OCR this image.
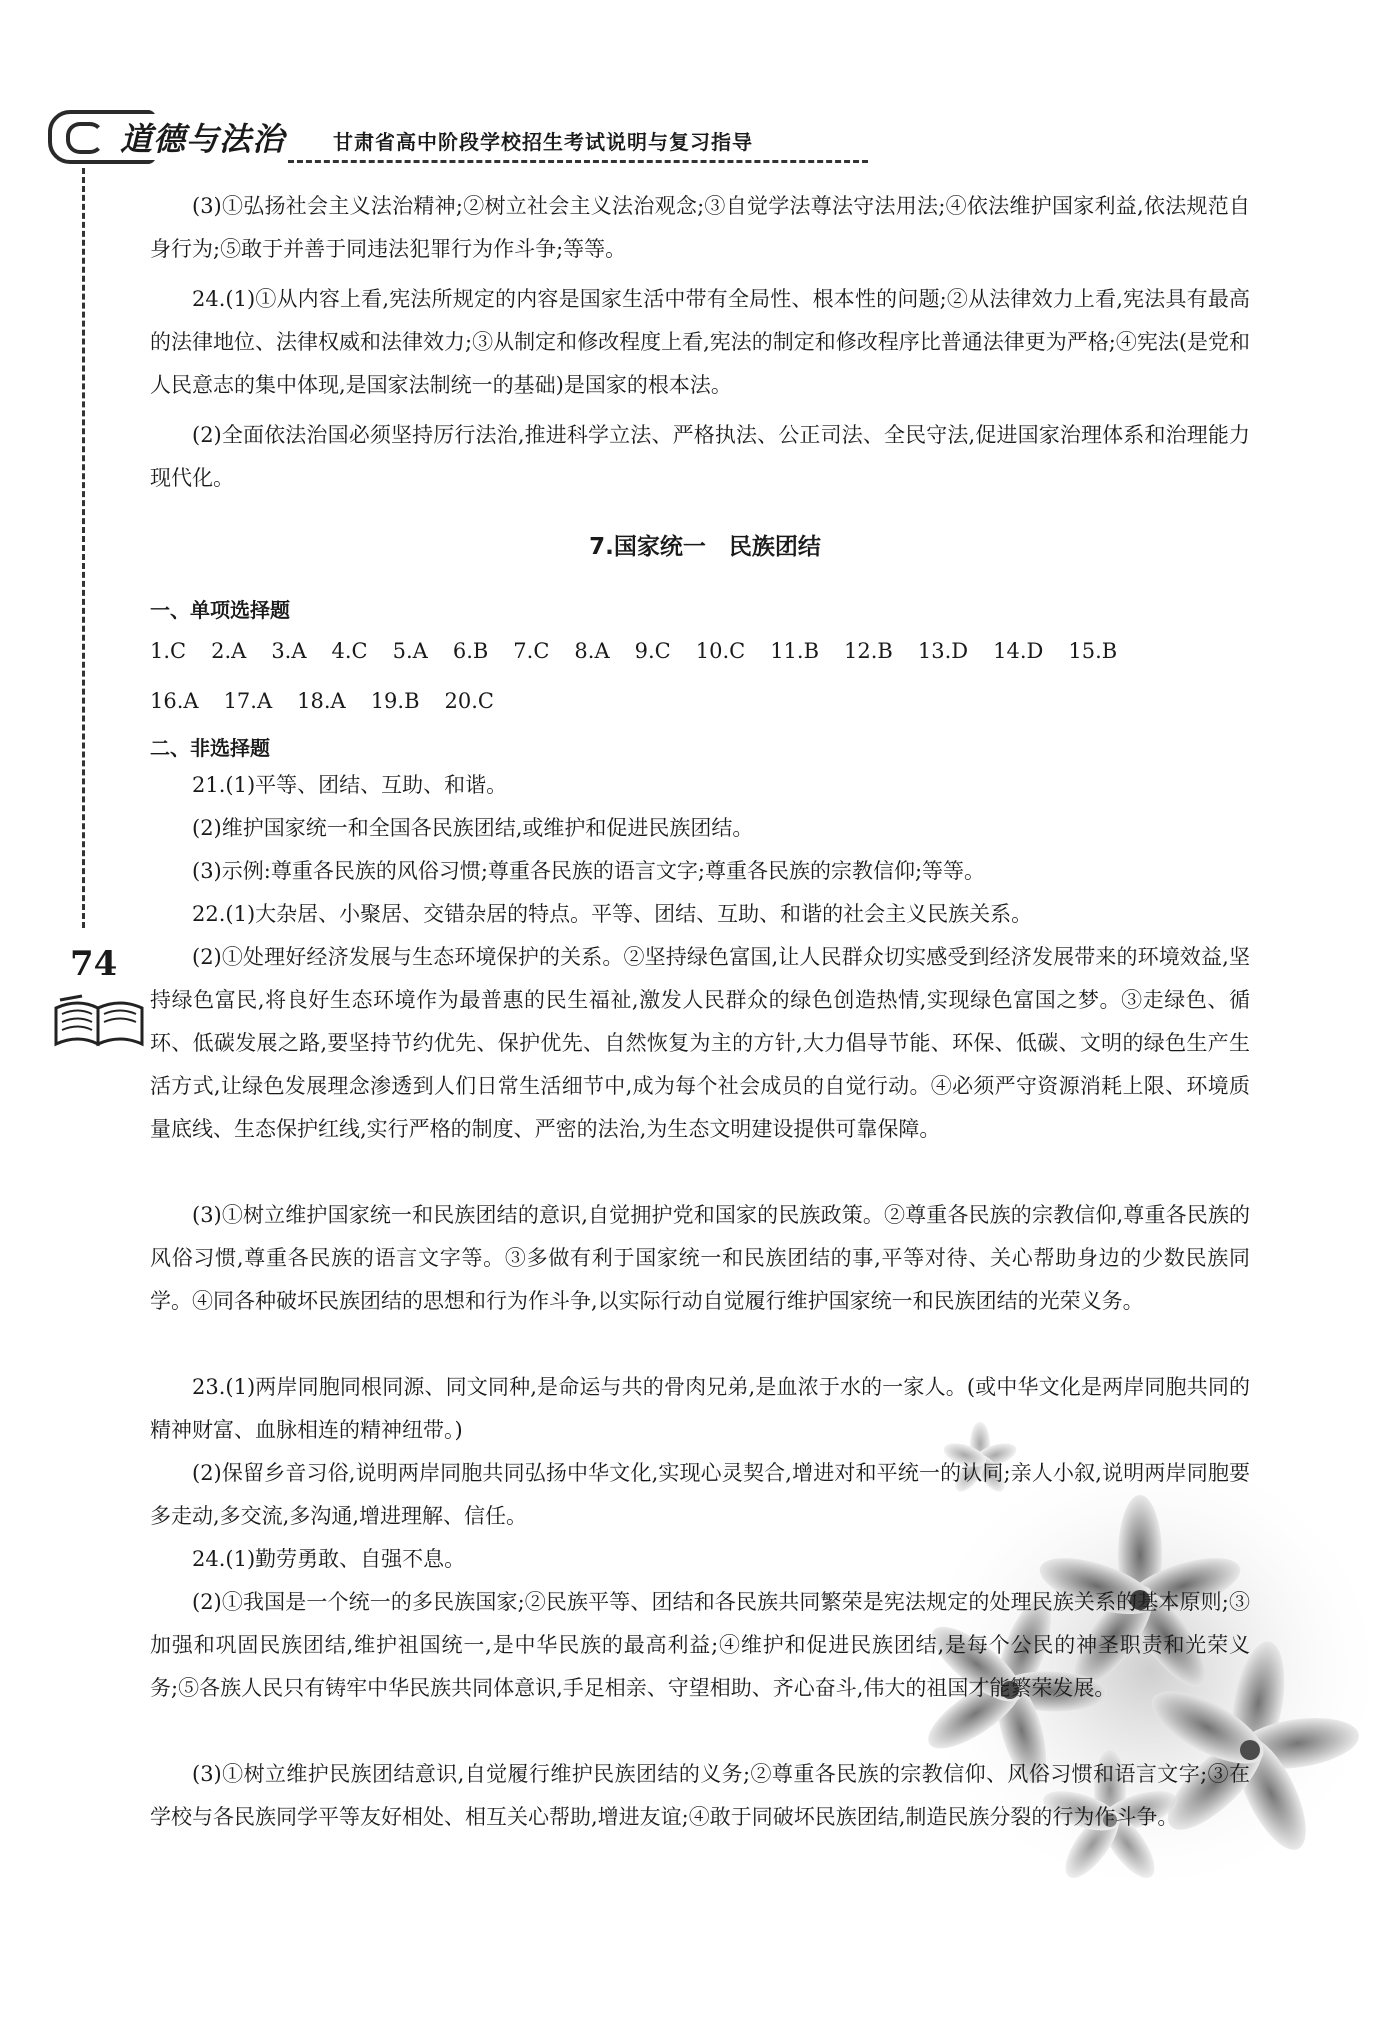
道德与法治	甘肃省高中阶段学校招生考试说明与复习指导
74

(3)①弘扬社会主义法治精神;②树立社会主义法治观念;③自觉学法尊法守法用法;④依法维护国家利益,依法规范自身行为;⑤敢于并善于同违法犯罪行为作斗争;等等。

24.(1)①从内容上看,宪法所规定的内容是国家生活中带有全局性、根本性的问题;②从法律效力上看,宪法具有最高的法律地位、法律权威和法律效力;③从制定和修改程度上看,宪法的制定和修改程序比普通法律更为严格;④宪法(是党和人民意志的集中体现,是国家法制统一的基础)是国家的根本法。

(2)全面依法治国必须坚持厉行法治,推进科学立法、严格执法、公正司法、全民守法,促进国家治理体系和治理能力现代化。

7.国家统一　民族团结
一、单项选择题
1.C 2.A 3.A 4.C 5.A 6.B 7.C 8.A 9.C 10.C 11.B 12.B 13.D 14.D 15.B
16.A 17.A 18.A 19.B 20.C
二、非选择题

21.(1)平等、团结、互助、和谐。

(2)维护国家统一和全国各民族团结,或维护和促进民族团结。

(3)示例:尊重各民族的风俗习惯;尊重各民族的语言文字;尊重各民族的宗教信仰;等等。

22.(1)大杂居、小聚居、交错杂居的特点。平等、团结、互助、和谐的社会主义民族关系。

(2)①处理好经济发展与生态环境保护的关系。②坚持绿色富国,让人民群众切实感受到经济发展带来的环境效益,坚持绿色富民,将良好生态环境作为最普惠的民生福祉,激发人民群众的绿色创造热情,实现绿色富国之梦。③走绿色、循环、低碳发展之路,要坚持节约优先、保护优先、自然恢复为主的方针,大力倡导节能、环保、低碳、文明的绿色生产生活方式,让绿色发展理念渗透到人们日常生活细节中,成为每个社会成员的自觉行动。④必须严守资源消耗上限、环境质量底线、生态保护红线,实行严格的制度、严密的法治,为生态文明建设提供可靠保障。

(3)①树立维护国家统一和民族团结的意识,自觉拥护党和国家的民族政策。②尊重各民族的宗教信仰,尊重各民族的风俗习惯,尊重各民族的语言文字等。③多做有利于国家统一和民族团结的事,平等对待、关心帮助身边的少数民族同学。④同各种破坏民族团结的思想和行为作斗争,以实际行动自觉履行维护国家统一和民族团结的光荣义务。

23.(1)两岸同胞同根同源、同文同种,是命运与共的骨肉兄弟,是血浓于水的一家人。(或中华文化是两岸同胞共同的精神财富、血脉相连的精神纽带。)

(2)保留乡音习俗,说明两岸同胞共同弘扬中华文化,实现心灵契合,增进对和平统一的认同;亲人小叙,说明两岸同胞要多走动,多交流,多沟通,增进理解、信任。

24.(1)勤劳勇敢、自强不息。

(2)①我国是一个统一的多民族国家;②民族平等、团结和各民族共同繁荣是宪法规定的处理民族关系的基本原则;③加强和巩固民族团结,维护祖国统一,是中华民族的最高利益;④维护和促进民族团结,是每个公民的神圣职责和光荣义务;⑤各族人民只有铸牢中华民族共同体意识,手足相亲、守望相助、齐心奋斗,伟大的祖国才能繁荣发展。

(3)①树立维护民族团结意识,自觉履行维护民族团结的义务;②尊重各民族的宗教信仰、风俗习惯和语言文字;③在学校与各民族同学平等友好相处、相互关心帮助,增进友谊;④敢于同破坏民族团结,制造民族分裂的行为作斗争。
